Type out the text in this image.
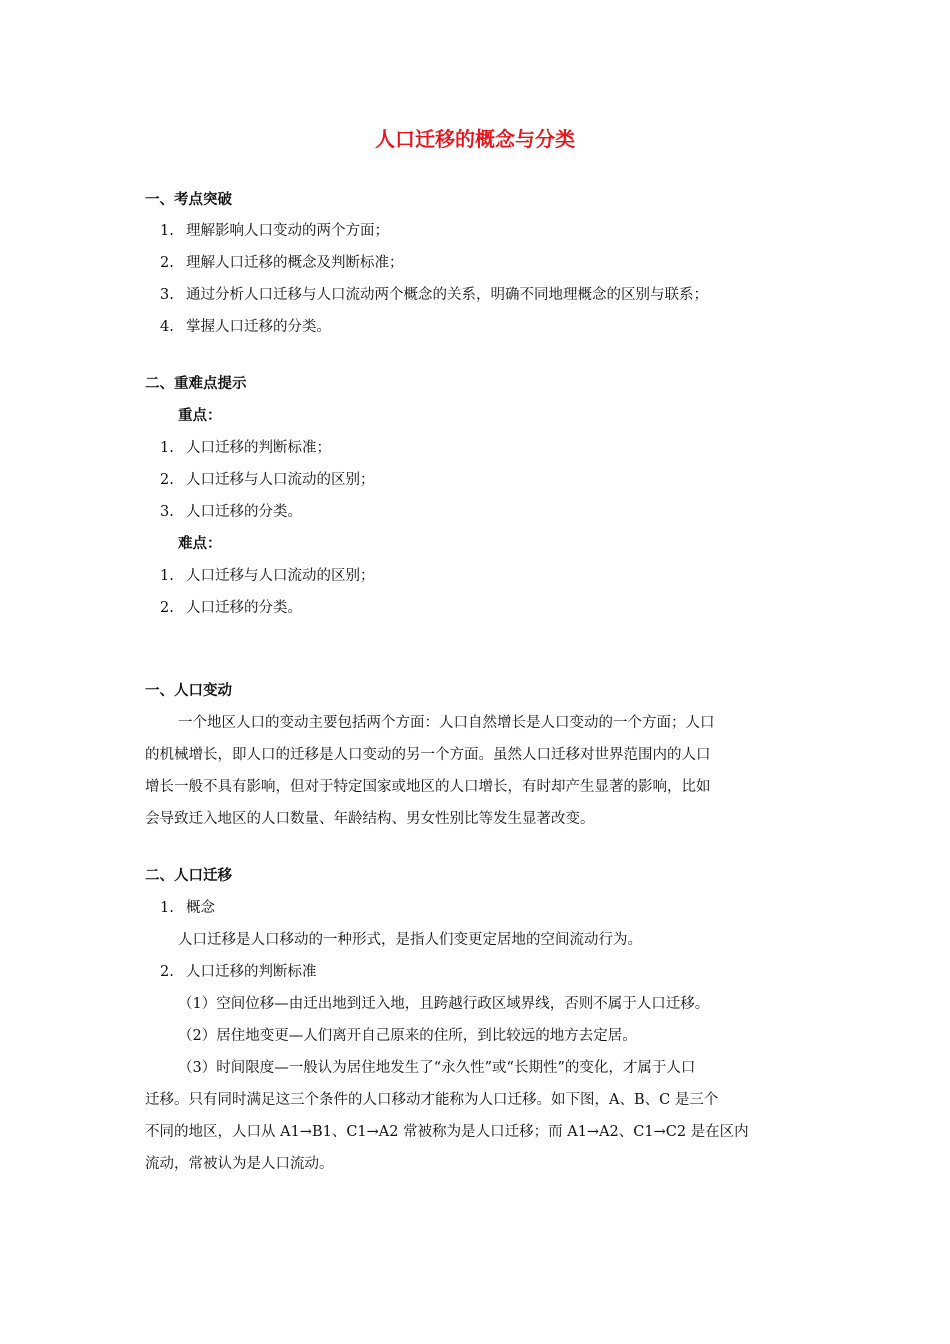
人口迁移的概念与分类
一、考点突破
1. 理解影响人口变动的两个方面；
2. 理解人口迁移的概念及判断标准；
3. 通过分析人口迁移与人口流动两个概念的关系，明确不同地理概念的区别与联系；
4. 掌握人口迁移的分类。
二、重难点提示
重点：
1. 人口迁移的判断标准；
2. 人口迁移与人口流动的区别；
3. 人口迁移的分类。
难点：
1. 人口迁移与人口流动的区别；
2. 人口迁移的分类。
一、人口变动
一个地区人口的变动主要包括两个方面：人口自然增长是人口变动的一个方面；人口
的机械增长，即人口的迁移是人口变动的另一个方面。虽然人口迁移对世界范围内的人口
增长一般不具有影响，但对于特定国家或地区的人口增长，有时却产生显著的影响，比如
会导致迁入地区的人口数量、年龄结构、男女性别比等发生显著改变。
二、人口迁移
1. 概念
人口迁移是人口移动的一种形式，是指人们变更定居地的空间流动行为。
2. 人口迁移的判断标准
（1）空间位移—由迁出地到迁入地，且跨越行政区域界线，否则不属于人口迁移。
（2）居住地变更—人们离开自己原来的住所，到比较远的地方去定居。
（3）时间限度—一般认为居住地发生了“永久性”或“长期性”的变化，才属于人口
迁移。只有同时满足这三个条件的人口移动才能称为人口迁移。如下图，A、B、C 是三个
不同的地区，人口从 A1→B1、C1→A2 常被称为是人口迁移；而 A1→A2、C1→C2 是在区内
流动，常被认为是人口流动。
